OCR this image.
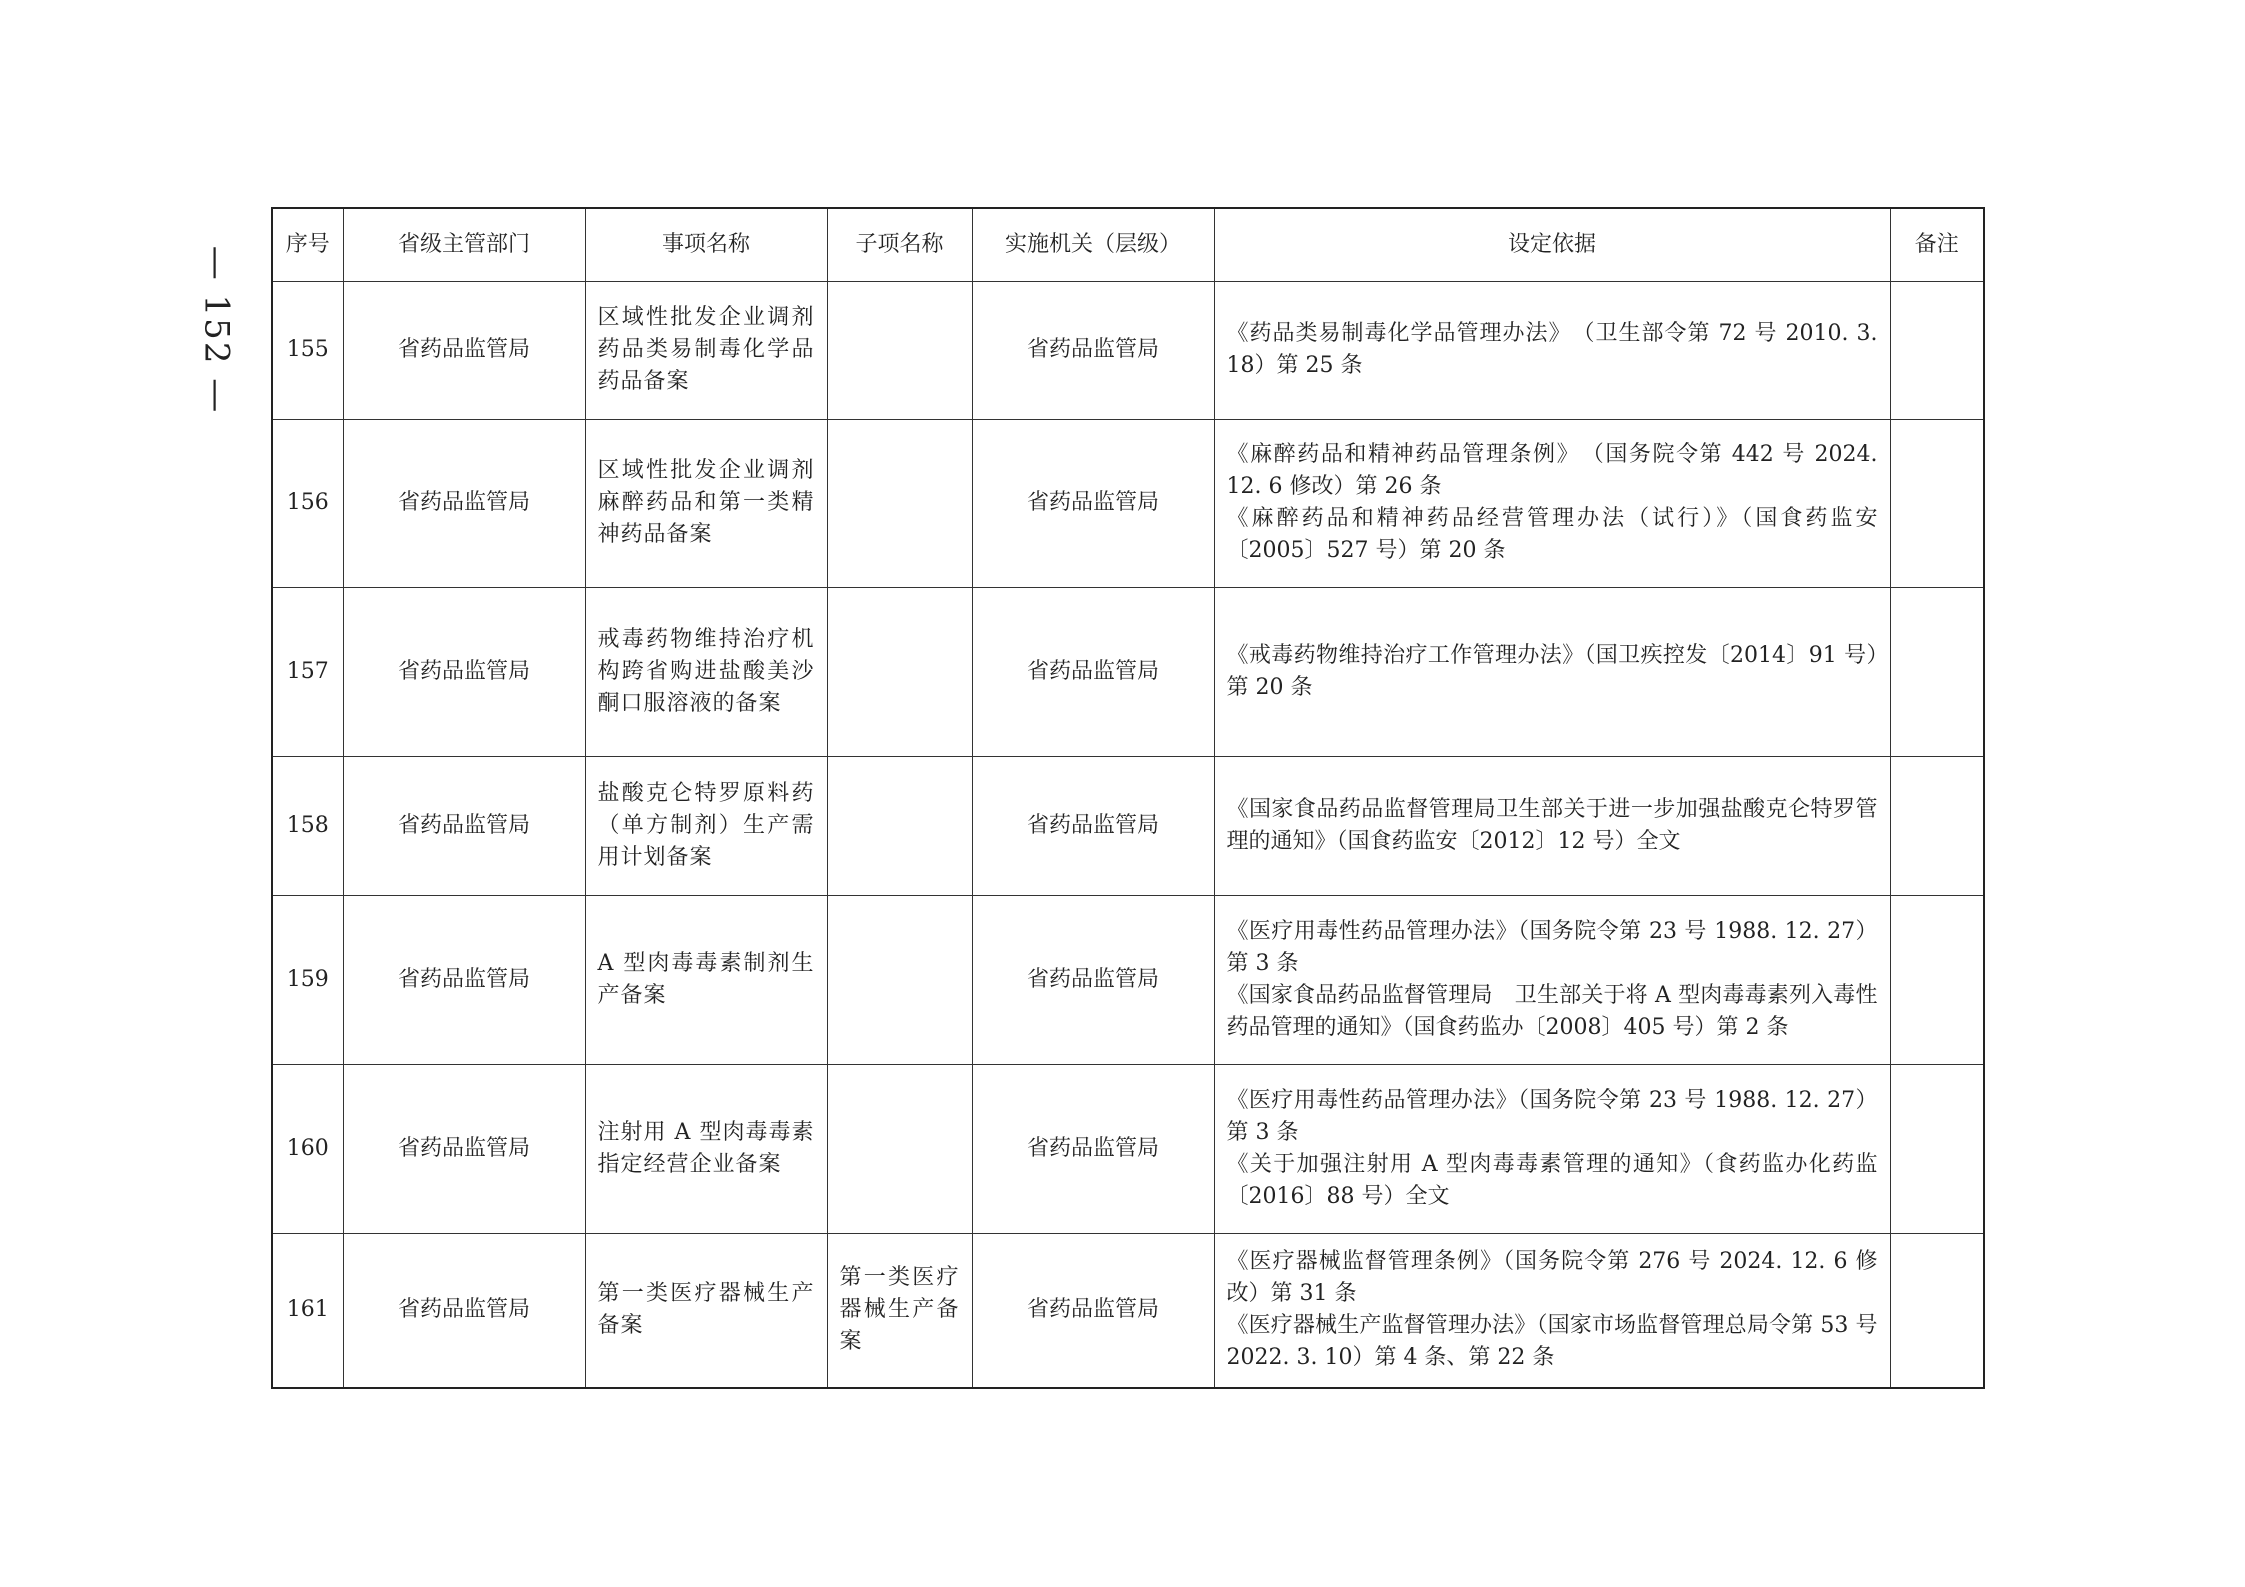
— 152 —
序号	省级主管部门	事项名称	子项名称	实施机关（层级）	设定依据	备注
155	省药品监管局	区域性批发企业调剂药品类易制毒化学品药品备案		省药品监管局	《药品类易制毒化学品管理办法》　（卫生部令第 72 号 2010. 3. 18）第 25 条	

156	省药品监管局	区域性批发企业调剂麻醉药品和第一类精神药品备案		省药品监管局	《麻醉药品和精神药品管理条例》　（国务院令第 442 号 2024. 12. 6 修改）第 26 条
《麻醉药品和精神药品经营管理办法（试行）》（国食药监安〔2005〕527 号）第 20 条	

157	省药品监管局	戒毒药物维持治疗机构跨省购进盐酸美沙酮口服溶液的备案		省药品监管局	《戒毒药物维持治疗工作管理办法》（国卫疾控发〔2014〕91 号）第 20 条	

158	省药品监管局	盐酸克仑特罗原料药（单方制剂）生产需用计划备案		省药品监管局	《国家食品药品监督管理局卫生部关于进一步加强盐酸克仑特罗管理的通知》（国食药监安〔2012〕12 号）全文	

159	省药品监管局	A 型肉毒毒素制剂生产备案		省药品监管局	《医疗用毒性药品管理办法》（国务院令第 23 号 1988. 12. 27）第 3 条
《国家食品药品监督管理局　卫生部关于将 A 型肉毒毒素列入毒性药品管理的通知》（国食药监办〔2008〕405 号）第 2 条	

160	省药品监管局	注射用 A 型肉毒毒素指定经营企业备案		省药品监管局	《医疗用毒性药品管理办法》（国务院令第 23 号 1988. 12. 27）第 3 条
《关于加强注射用 A 型肉毒毒素管理的通知》（食药监办化药监〔2016〕88 号）全文	

161	省药品监管局	第一类医疗器械生产备案	第一类医疗器械生产备案	省药品监管局	《医疗器械监督管理条例》（国务院令第 276 号 2024. 12. 6 修改）第 31 条
《医疗器械生产监督管理办法》（国家市场监督管理总局令第 53 号 2022. 3. 10）第 4 条、第 22 条	
